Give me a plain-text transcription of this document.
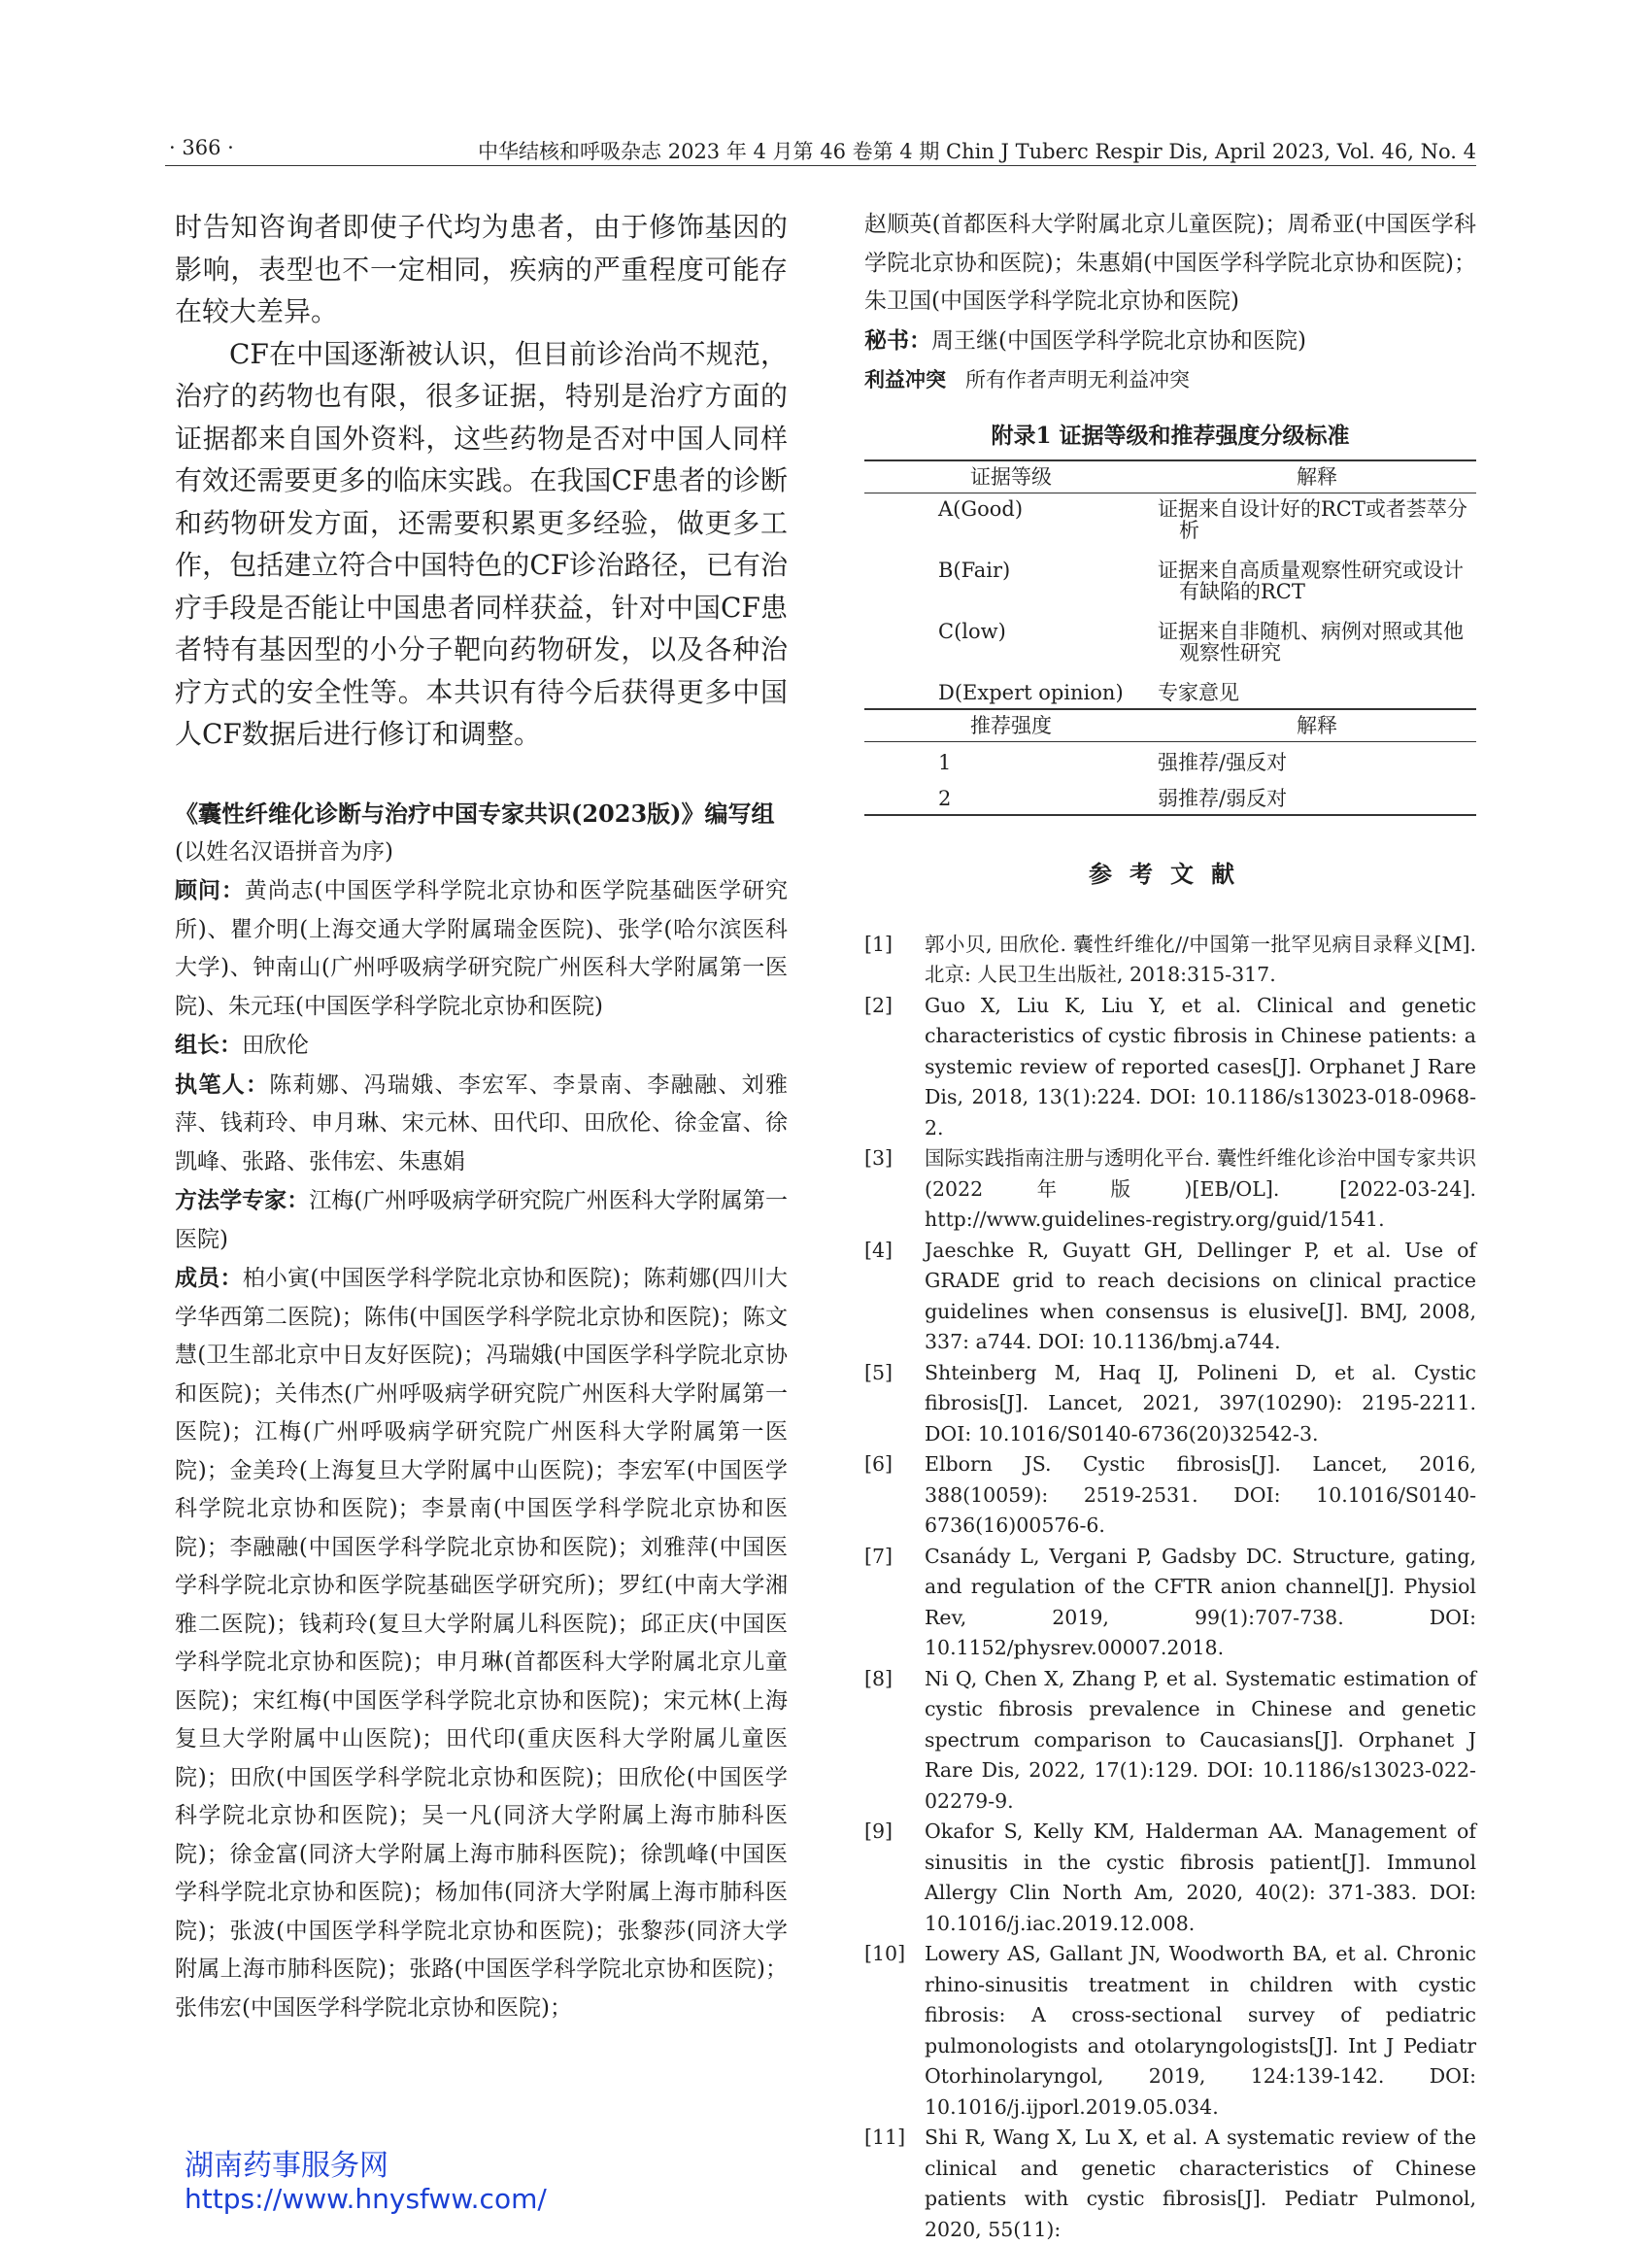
· 366 ·	中华结核和呼吸杂志 2023 年 4 月第 46 卷第 4 期 Chin J Tuberc Respir Dis, April 2023, Vol. 46, No. 4

时告知咨询者即使子代均为患者，由于修饰基因的影响，表型也不一定相同，疾病的严重程度可能存在较大差异。

CF在中国逐渐被认识，但目前诊治尚不规范，治疗的药物也有限，很多证据，特别是治疗方面的证据都来自国外资料，这些药物是否对中国人同样有效还需要更多的临床实践。在我国CF患者的诊断和药物研发方面，还需要积累更多经验，做更多工作，包括建立符合中国特色的CF诊治路径，已有治疗手段是否能让中国患者同样获益，针对中国CF患者特有基因型的小分子靶向药物研发，以及各种治疗方式的安全性等。本共识有待今后获得更多中国人CF数据后进行修订和调整。

《囊性纤维化诊断与治疗中国专家共识(2023版)》编写组

(以姓名汉语拼音为序)

顾问：黄尚志(中国医学科学院北京协和医学院基础医学研究所)、瞿介明(上海交通大学附属瑞金医院)、张学(哈尔滨医科大学)、钟南山(广州呼吸病学研究院广州医科大学附属第一医院)、朱元珏(中国医学科学院北京协和医院)

组长：田欣伦

执笔人：陈莉娜、冯瑞娥、李宏军、李景南、李融融、刘雅萍、钱莉玲、申月琳、宋元林、田代印、田欣伦、徐金富、徐凯峰、张路、张伟宏、朱惠娟

方法学专家：江梅(广州呼吸病学研究院广州医科大学附属第一医院)

成员：柏小寅(中国医学科学院北京协和医院)；陈莉娜(四川大学华西第二医院)；陈伟(中国医学科学院北京协和医院)；陈文慧(卫生部北京中日友好医院)；冯瑞娥(中国医学科学院北京协和医院)；关伟杰(广州呼吸病学研究院广州医科大学附属第一医院)；江梅(广州呼吸病学研究院广州医科大学附属第一医院)；金美玲(上海复旦大学附属中山医院)；李宏军(中国医学科学院北京协和医院)；李景南(中国医学科学院北京协和医院)；李融融(中国医学科学院北京协和医院)；刘雅萍(中国医学科学院北京协和医学院基础医学研究所)；罗红(中南大学湘雅二医院)；钱莉玲(复旦大学附属儿科医院)；邱正庆(中国医学科学院北京协和医院)；申月琳(首都医科大学附属北京儿童医院)；宋红梅(中国医学科学院北京协和医院)；宋元林(上海复旦大学附属中山医院)；田代印(重庆医科大学附属儿童医院)；田欣(中国医学科学院北京协和医院)；田欣伦(中国医学科学院北京协和医院)；吴一凡(同济大学附属上海市肺科医院)；徐金富(同济大学附属上海市肺科医院)；徐凯峰(中国医学科学院北京协和医院)；杨加伟(同济大学附属上海市肺科医院)；张波(中国医学科学院北京协和医院)；张黎莎(同济大学附属上海市肺科医院)；张路(中国医学科学院北京协和医院)；张伟宏(中国医学科学院北京协和医院)；

赵顺英(首都医科大学附属北京儿童医院)；周希亚(中国医学科学院北京协和医院)；朱惠娟(中国医学科学院北京协和医院)；朱卫国(中国医学科学院北京协和医院)

秘书：周王继(中国医学科学院北京协和医院)

利益冲突 所有作者声明无利益冲突

附录1 证据等级和推荐强度分级标准
证据等级	解释
A(Good)	证据来自设计好的RCT或者荟萃分析

B(Fair)	证据来自高质量观察性研究或设计有缺陷的RCT

C(low)	证据来自非随机、病例对照或其他观察性研究

D(Expert opinion)	专家意见
推荐强度	解释
1	强推荐/强反对
2	弱推荐/弱反对
参考文献
[1]	郭小贝, 田欣伦. 囊性纤维化//中国第一批罕见病目录释义[M]. 北京: 人民卫生出版社, 2018:315-317.
[2]	Guo X, Liu K, Liu Y, et al. Clinical and genetic characteristics of cystic fibrosis in Chinese patients: a systemic review of reported cases[J]. Orphanet J Rare Dis, 2018, 13(1):224. DOI: 10.1186/s13023-018-0968-2.
[3]	国际实践指南注册与透明化平台. 囊性纤维化诊治中国专家共识(2022年版)[EB/OL]. [2022-03-24]. http://www.guidelines-registry.org/guid/1541.
[4]	Jaeschke R, Guyatt GH, Dellinger P, et al. Use of GRADE grid to reach decisions on clinical practice guidelines when consensus is elusive[J]. BMJ, 2008, 337: a744. DOI: 10.1136/bmj.a744.
[5]	Shteinberg M, Haq IJ, Polineni D, et al. Cystic fibrosis[J]. Lancet, 2021, 397(10290): 2195-2211. DOI: 10.1016/S0140-6736(20)32542-3.
[6]	Elborn JS. Cystic fibrosis[J]. Lancet, 2016, 388(10059): 2519-2531. DOI: 10.1016/S0140-6736(16)00576-6.
[7]	Csanády L, Vergani P, Gadsby DC. Structure, gating, and regulation of the CFTR anion channel[J]. Physiol Rev, 2019, 99(1):707-738. DOI: 10.1152/physrev.00007.2018.
[8]	Ni Q, Chen X, Zhang P, et al. Systematic estimation of cystic fibrosis prevalence in Chinese and genetic spectrum comparison to Caucasians[J]. Orphanet J Rare Dis, 2022, 17(1):129. DOI: 10.1186/s13023-022-02279-9.
[9]	Okafor S, Kelly KM, Halderman AA. Management of sinusitis in the cystic fibrosis patient[J]. Immunol Allergy Clin North Am, 2020, 40(2): 371-383. DOI: 10.1016/j.iac.2019.12.008.
[10] Lowery AS, Gallant JN, Woodworth BA, et al. Chronic rhino-sinusitis treatment in children with cystic fibrosis: A cross-sectional survey of pediatric pulmonologists and otolaryngologists[J]. Int J Pediatr Otorhinolaryngol, 2019, 124:139-142. DOI: 10.1016/j.ijporl.2019.05.034.
[11] Shi R, Wang X, Lu X, et al. A systematic review of the clinical and genetic characteristics of Chinese patients with cystic fibrosis[J]. Pediatr Pulmonol, 2020, 55(11):
湖南药事服务网
https://www.hnysfww.com/
